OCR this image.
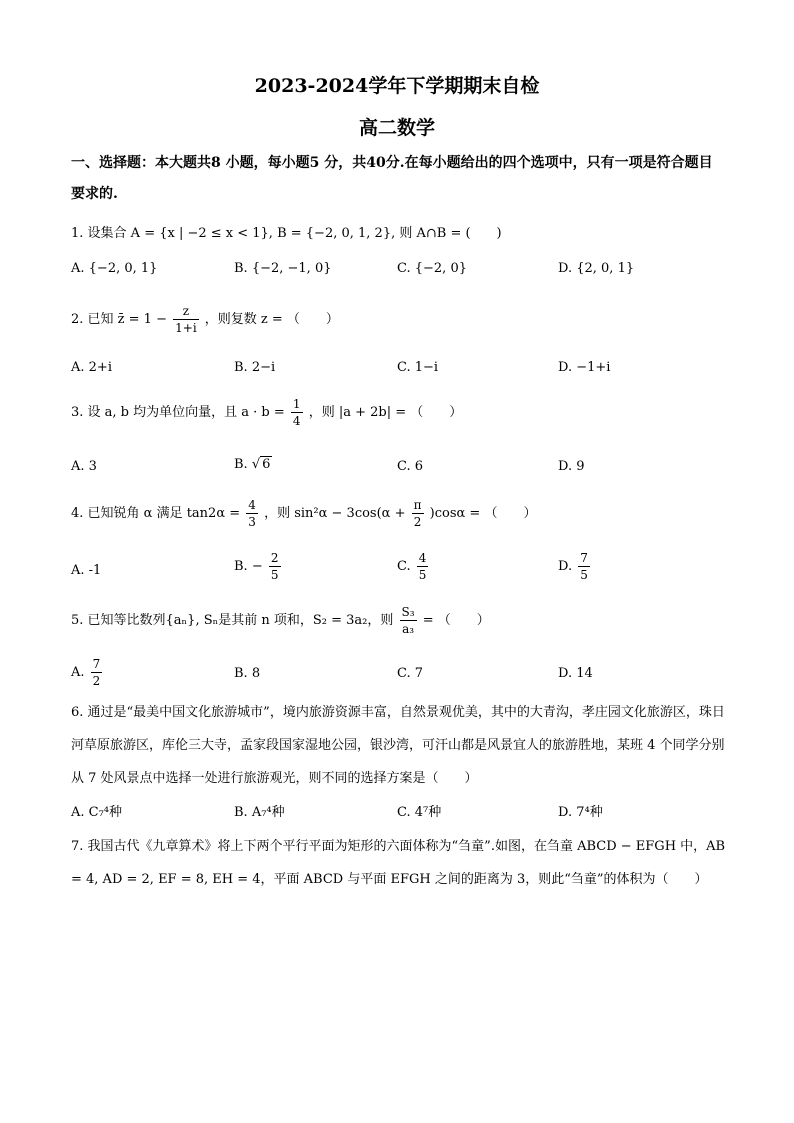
2023-2024学年下学期期末自检
高二数学
一、选择题：本大题共8 小题，每小题5 分，共40分.在每小题给出的四个选项中，只有一项是符合题目要求的.
1. 设集合 A = {x | −2 ≤ x < 1}, B = {−2, 0, 1, 2}, 则 A∩B = (　　)
A. {−2, 0, 1}	B. {−2, −1, 0}	C. {−2, 0}	D. {2, 0, 1}
2. 已知 z̄ = $1 - \frac{z}{1+i}$ ，则复数 z = （　　）
A. 2+i	B. 2−i	C. 1−i	D. −1+i
3. 设 a, b 均为单位向量，且 $a \cdot b = \frac{1}{4}$ ，则 |a + 2b| = （　　）
A. 3	B. √ 6	C. 6	D. 9
4. 已知锐角 α 满足 $\tan 2\alpha = \frac{4}{3}$ ，则 $\sin^2\alpha - 3\cos(\alpha + \frac{\pi}{2} )\cos\alpha$ = （　　）
A. -1	B. − $\frac{2}{5}$	C. $\frac{4}{5}$	D. $\frac{7}{5}$
5. 已知等比数列{aₙ}, Sₙ是其前 n 项和，S₂ = 3a₂，则 $\frac{\text{S₃}}{\text{a₃}}$ = （　　）
A. $\frac{7}{2}$	B. 8	C. 7	D. 14
6. 通过是“最美中国文化旅游城市”，境内旅游资源丰富，自然景观优美，其中的大青沟，孝庄园文化旅游区，珠日河草原旅游区，库伦三大寺，孟家段国家湿地公园，银沙湾，可汗山都是风景宜人的旅游胜地，某班 4 个同学分别从 7 处风景点中选择一处进行旅游观光，则不同的选择方案是（　　）
A. C₇⁴种	B. A₇⁴种	C. 4⁷种	D. 7⁴种
7. 我国古代《九章算术》将上下两个平行平面为矩形的六面体称为“刍童”.如图，在刍童 ABCD − EFGH 中，AB = 4, AD = 2, EF = 8, EH = 4，平面 ABCD 与平面 EFGH 之间的距离为 3，则此“刍童”的体积为（　　）
